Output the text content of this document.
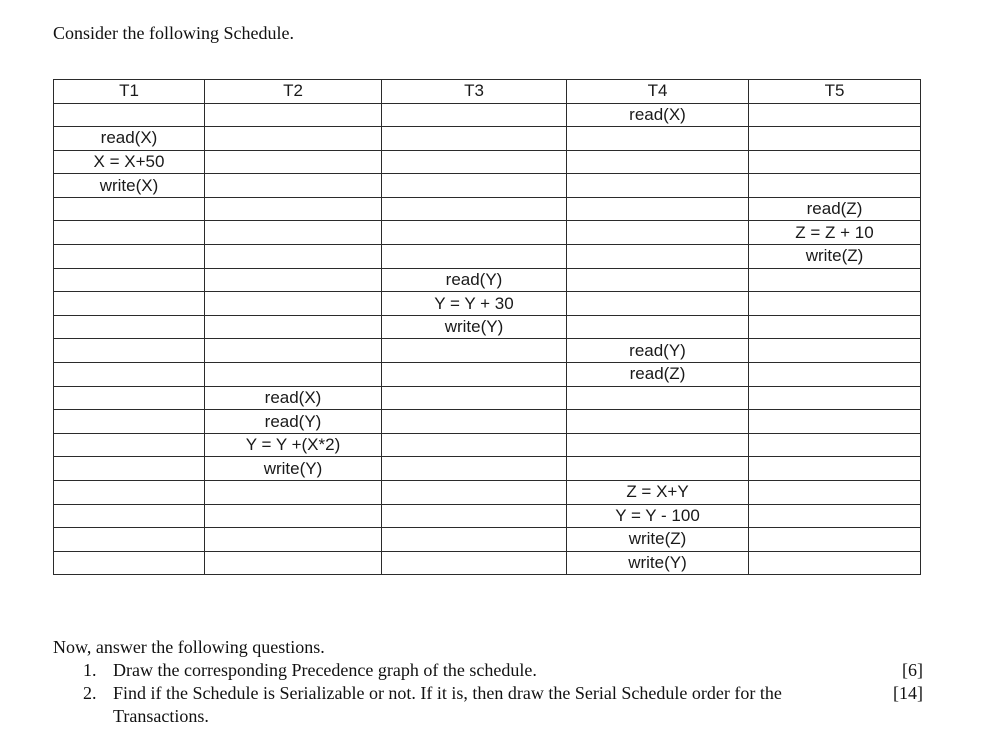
Consider the following Schedule.
T1	T2	T3	T4	T5
			read(X)	
read(X)				
X = X+50				
write(X)				
				read(Z)
				Z = Z + 10
				write(Z)
		read(Y)		
		Y = Y + 30		
		write(Y)		
			read(Y)	
			read(Z)	
	read(X)			
	read(Y)			
	Y = Y +(X*2)			
	write(Y)			
			Z = X+Y	
			Y = Y - 100	
			write(Z)	
			write(Y)	

Now, answer the following questions.

1. Draw the corresponding Precedence graph of the schedule.	[6]
2. Find if the Schedule is Serializable or not. If it is, then draw the Serial Schedule order for the Transactions.
[14]
